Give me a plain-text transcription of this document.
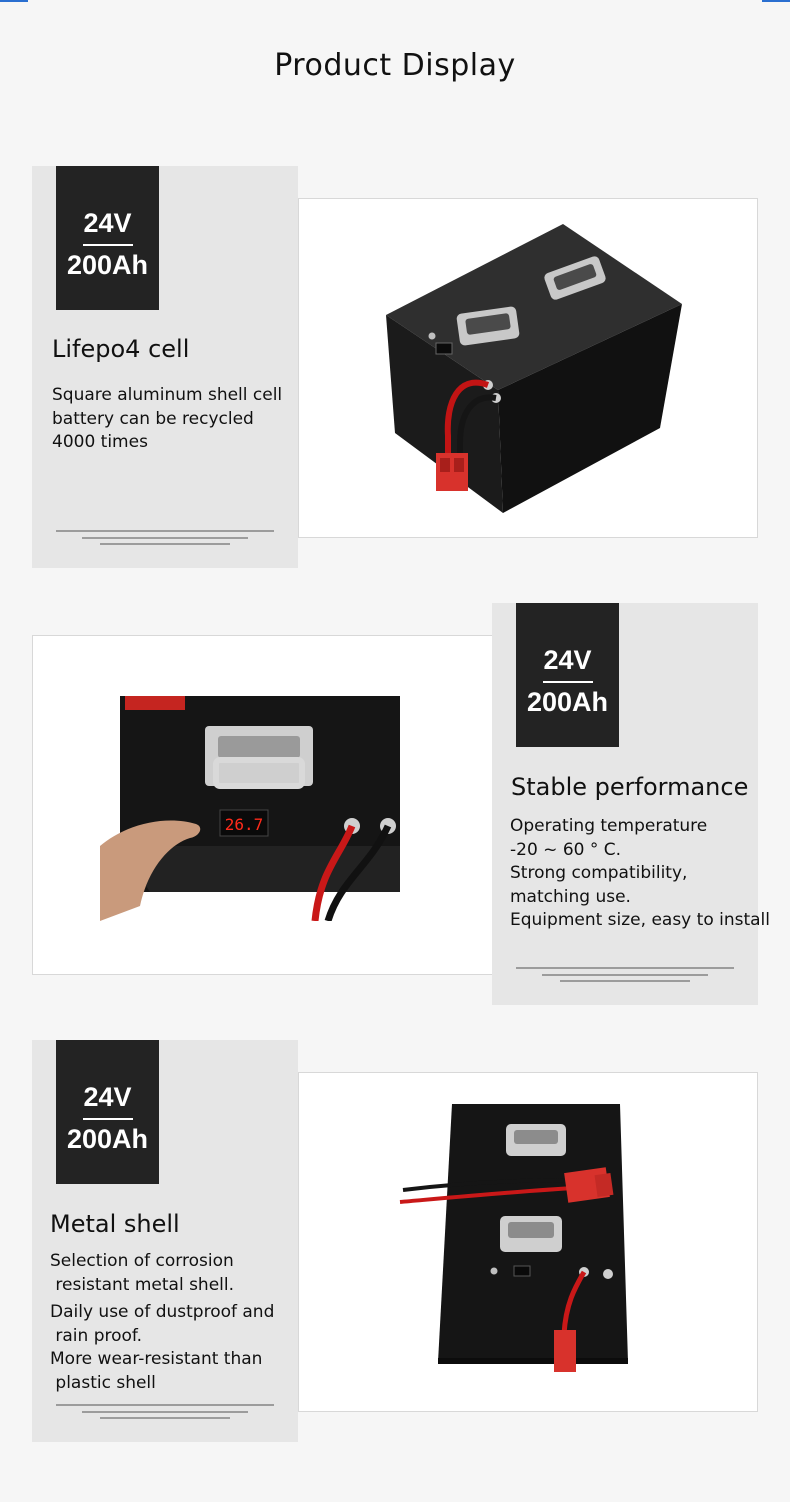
Product Display
24V
200Ah
Lifepo4 cell
Square aluminum shell cell
battery can be recycled
4000 times
26.7
24V
200Ah
Stable performance
Operating temperature
-20 ~ 60 ° C.
Strong compatibility,
matching use.
Equipment size, easy to install
24V
200Ah
Metal shell
Selection of corrosion
resistant metal shell.
Daily use of dustproof and
rain proof.
More wear-resistant than
plastic shell
